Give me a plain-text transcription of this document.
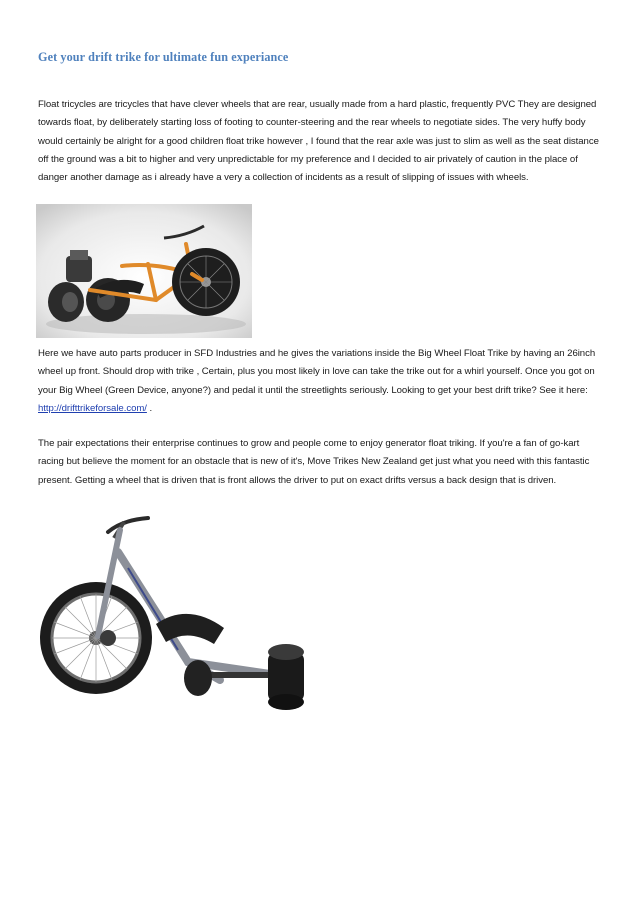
Get your drift trike for ultimate fun experiance

Float tricycles are tricycles that have clever wheels that are rear, usually made from a hard plastic, frequently PVC They are designed towards float, by deliberately starting loss of footing to counter-steering and the rear wheels to negotiate sides. The very huffy body would certainly be alright for a good children float trike however , I found that the rear axle was just to slim as well as the seat distance off the ground was a bit to higher and very unpredictable for my preference and I decided to air privately of caution in the place of danger another damage as i already have a very a collection of incidents as a result of slipping of issues with wheels.

Here we have auto parts producer in SFD Industries and he gives the variations inside the Big Wheel Float Trike by having an 26inch wheel up front. Should drop with trike , Certain, plus you most likely in love can take the trike out for a whirl yourself. Once you got on your Big Wheel (Green Device, anyone?) and pedal it until the streetlights seriously. Looking to get your best drift trike? See it here: http://drifttrikeforsale.com/ .

The pair expectations their enterprise continues to grow and people come to enjoy generator float triking. If you're a fan of go-kart racing but believe the moment for an obstacle that is new of it's, Move Trikes New Zealand get just what you need with this fantastic present. Getting a wheel that is driven that is front allows the driver to put on exact drifts versus a back design that is driven.
